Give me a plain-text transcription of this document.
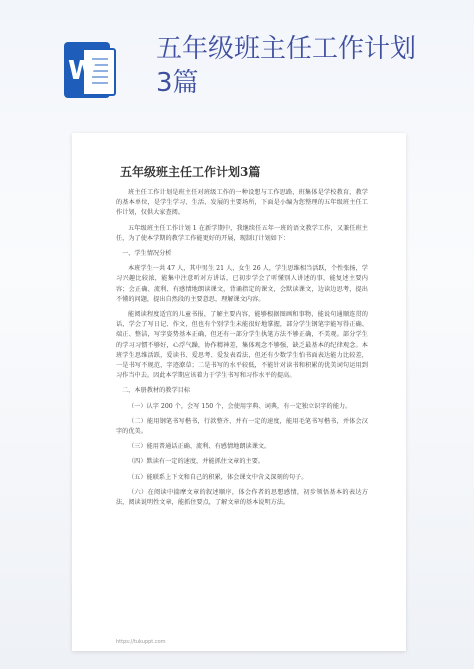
W
五年级班主任工作计划
3篇
五年级班主任工作计划3篇

班主任工作计划是班主任对班级工作的一种设想与工作思路，班集体是学校教育，教学的基本单位，是学生学习、生活、发展的主要场所，下面是小编为您整理的五年级班主任工作计划，仅供大家查阅。

五年级班主任工作计划 1 在新学期中，我继续任五年一班的语文教学工作，又兼任班主任，为了使本学期的教学工作能更好的开展，现制订计划如下：

一、学生情况分析

本班学生一共 47 人，其中男生 21 人，女生 26 人，学生思维相当活跃，个性张扬，学习兴趣比较浓，能集中注意听对方讲话，已初步学会了听懂别人讲述的事，能复述主要内容；会正确、流利、有感情地朗读课文，背诵指定的课文，会默读课文，边读边思考，提出不懂的问题，提出自然段的主要意思，理解课文内容。

能阅读程度适宜的儿童书报，了解主要内容，能够根据图画和事物，能说句通顺连贯的话，学会了写日记、作文，但也有个别学生未能很好地掌握，部分学生钢笔字能写得正确、端正、整洁，写字姿势基本正确，但还有一部分学生执笔方法不够正确，不美观。部分学生的学习习惯不够好，心浮气躁，协作精神差，集体观念不够强，缺乏最基本的纪律观念。本班学生思维活跃，爱读书、爱思考、爱发表看法，但还有少数学生怕书面表达能力比较差，一是书写不规范，字迹潦草；二是书写的水平较低，不能针对读书和积累的优美词句运用到习作当中去。因此本学期应该着力于学生书写和习作水平的提高。

二、本册教材的教学目标

（一）认字 200 个，会写 150 个，会使用字典、词典，有一定独立识字的能力。

（二）能用钢笔书写楷书，行款整齐，并有一定的速度，能用毛笔书写楷书，并体会汉字的优美。

（三）能用普通话正确、流利、有感情地朗读课文。

（四）默读有一定的速度，并能抓住文章的主要。

（五）能联系上下文和自己的积累，体会课文中含义深刻的句子。

（六）在阅读中揣摩文章的叙述顺序，体会作者的思想感情，初步领悟基本的表达方法，阅读说明性文章，能抓住要点，了解文章的基本说明方法。

https://tukuppt.com
